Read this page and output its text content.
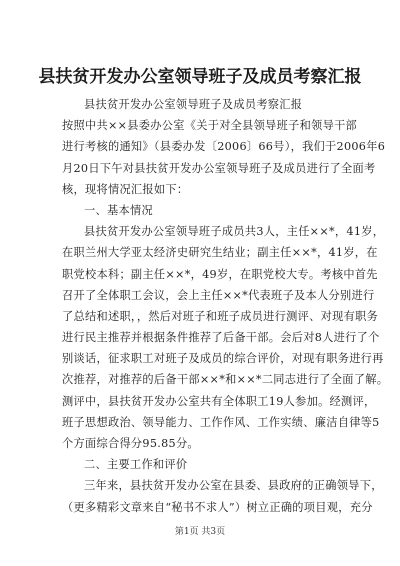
县扶贫开发办公室领导班子及成员考察汇报
县扶贫开发办公室领导班子及成员考察汇报
按照中共××县委办公室《关于对全县领导班子和领导干部
进行考核的通知》（县委办发〔2006〕66号），我们于2006年6
月20日下午对县扶贫开发办公室领导班子及成员进行了全面考
核，现将情况汇报如下：
一、基本情况
县扶贫开发办公室领导班子成员共3人，主任××*，41岁，
在职兰州大学亚太经济史研究生结业；副主任××*，41岁，在
职党校本科；副主任××*，49岁，在职党校大专。考核中首先
召开了全体职工会议，会上主任××*代表班子及本人分别进行
了总结和述职，，然后对班子和班子成员进行测评、对现有职务
进行民主推荐并根据条件推荐了后备干部。会后对8人进行了个
别谈话，征求职工对班子及成员的综合评价，对现有职务进行再
次推荐，对推荐的后备干部××*和××*二同志进行了全面了解。
测评中，县扶贫开发办公室共有全体职工19人参加。经测评，
班子思想政治、领导能力、工作作风、工作实绩、廉洁自律等5
个方面综合得分95.85分。
二、主要工作和评价
三年来，县扶贫开发办公室在县委、县政府的正确领导下，
（更多精彩文章来自“秘书不求人”）树立正确的项目观，充分
第1页 共3页
